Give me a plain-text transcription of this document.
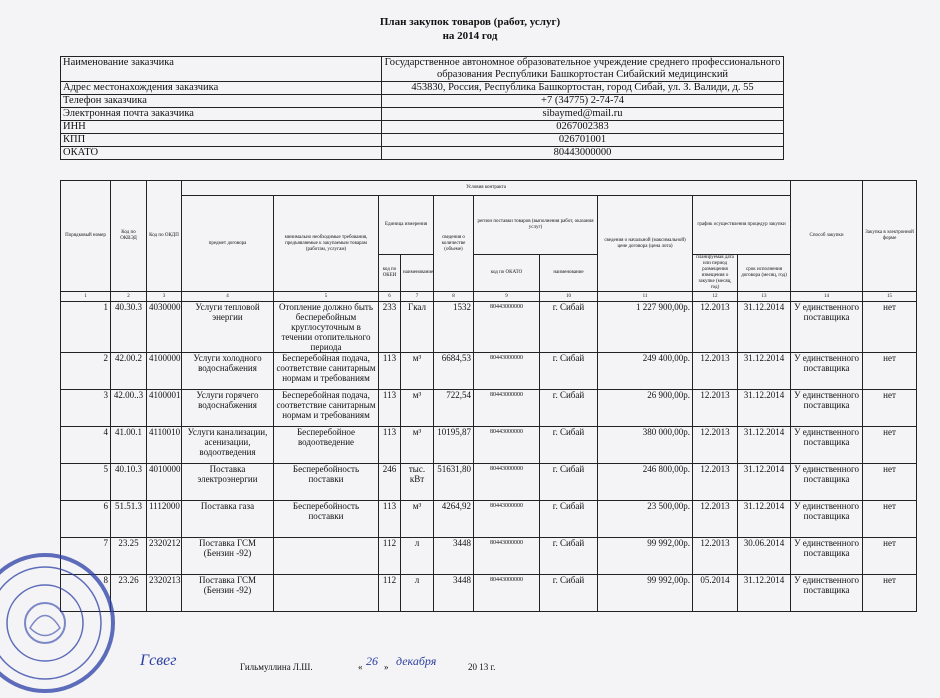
План закупок товаров (работ, услуг)
на 2014 год
Наименование заказчика	Государственное автономное образовательное учреждение среднего профессионального образования Республики Башкортостан Сибайский медицинский
Адрес местонахождения заказчика	453830, Россия, Республика Башкортостан, город Сибай, ул. З. Валиди, д. 55
Телефон заказчика	+7 (34775) 2-74-74
Электронная почта заказчика	sibaymed@mail.ru
ИНН	0267002383
КПП	026701001
ОКАТО	80443000000
Порядковый номер	Код по ОКВЭД	Код по ОКДП	Условия контракта										Способ закупки	Закупка в электронной форме
			предмет договора	минимально необходимые требования, предъявляемые к закупаемым товарам (работам, услугам)	Единица измерения		сведения о количестве (объеме)	регион поставки товаров (выполнения работ, оказания услуг)		сведения о начальной (максимальной) цене договора (цена лота)	график осуществления процедур закупки			
					код по ОКЕИ	наименование		код по ОКАТО	наименование		планируемая дата или период размещения извещения о закупке (месяц, год)	срок исполнения договора (месяц, год)		
1	2	3	4	5	6	7	8	9	10	11	12	13	14	15
1	40.30.3	4030000	Услуги тепловой энергии	Отопление должно быть бесперебойным круглосуточным в течении отопительного периода	233	Гкал	1532	80443000000	г. Сибай	1 227 900,00р.	12.2013	31.12.2014	У единственного поставщика	нет
2	42.00.2	4100000	Услуги холодного водоснабжения	Бесперебойная подача, соответствие санитарным нормам и требованиям	113	м³	6684,53	80443000000	г. Сибай	249 400,00р.	12.2013	31.12.2014	У единственного поставщика	нет
3	42.00..3	4100001	Услуги горячего водоснабжения	Бесперебойная подача, соответствие санитарным нормам и требованиям	113	м³	722,54	80443000000	г. Сибай	26 900,00р.	12.2013	31.12.2014	У единственного поставщика	нет
4	41.00.1	4110010	Услуги канализации, асенизации, водоотведения	Бесперебойное водоотведение	113	м³	10195,87	80443000000	г. Сибай	380 000,00р.	12.2013	31.12.2014	У единственного поставщика	нет
5	40.10.3	4010000	Поставка электроэнергии	Бесперебойность поставки	246	тыс. кВт	51631,80	80443000000	г. Сибай	246 800,00р.	12.2013	31.12.2014	У единственного поставщика	нет
6	51.51.3	1112000	Поставка газа	Бесперебойность поставки	113	м³	4264,92	80443000000	г. Сибай	23 500,00р.	12.2013	31.12.2014	У единственного поставщика	нет
7	23.25	2320212	Поставка ГСМ (Бензин -92)		112	л	3448	80443000000	г. Сибай	99 992,00р.	12.2013	30.06.2014	У единственного поставщика	нет
8	23.26	2320213	Поставка ГСМ (Бензин -92)		112	л	3448	80443000000	г. Сибай	99 992,00р.	05.2014	31.12.2014	У единственного поставщика	нет
Гсвег	Гильмуллина Л.Ш.	« 26 » декабря	20 13 г.
